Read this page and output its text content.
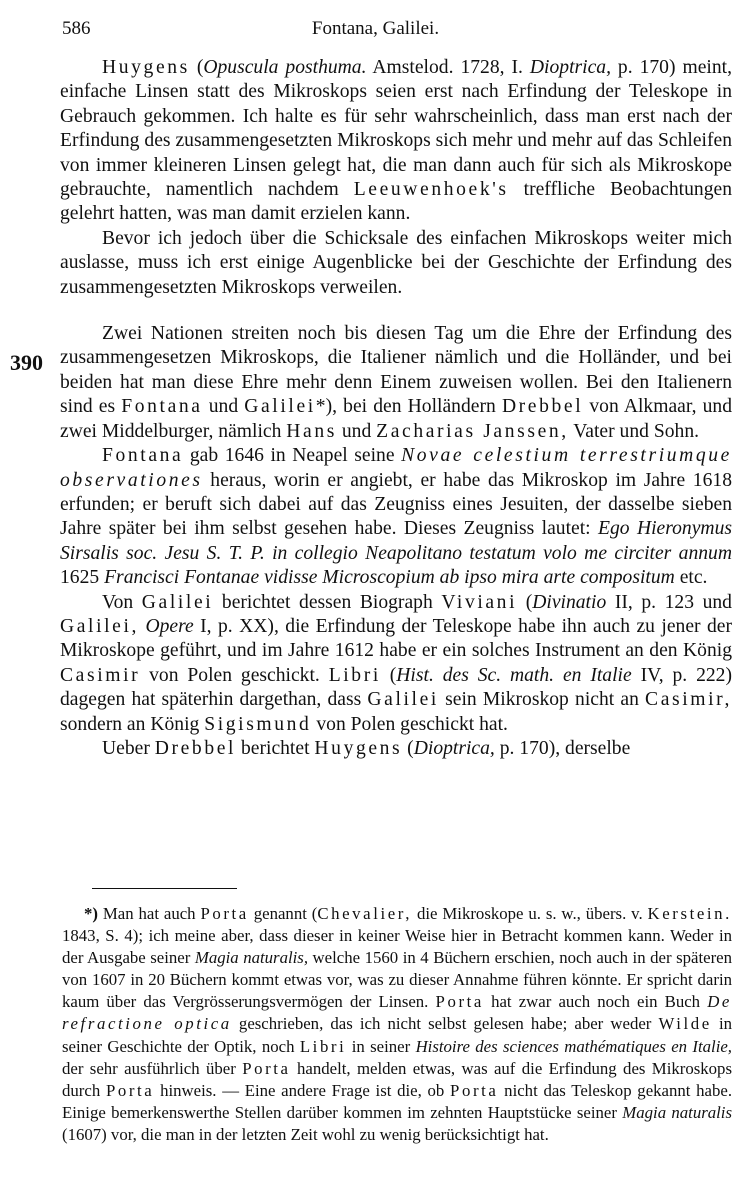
586	Fontana, Galilei.
390

Huygens (Opuscula posthuma. Amstelod. 1728, I. Dioptrica, p. 170) meint, einfache Linsen statt des Mikroskops seien erst nach Erfindung der Teleskope in Gebrauch gekommen. Ich halte es für sehr wahrscheinlich, dass man erst nach der Erfindung des zusammengesetzten Mikroskops sich mehr und mehr auf das Schleifen von immer kleineren Linsen gelegt hat, die man dann auch für sich als Mikroskope gebrauchte, namentlich nachdem Leeuwenhoek's treffliche Beobachtungen gelehrt hatten, was man damit erzielen kann.

Bevor ich jedoch über die Schicksale des einfachen Mikroskops weiter mich auslasse, muss ich erst einige Augenblicke bei der Geschichte der Erfindung des zusammengesetzten Mikroskops verweilen.

Zwei Nationen streiten noch bis diesen Tag um die Ehre der Erfindung des zusammengesetzen Mikroskops, die Italiener nämlich und die Holländer, und bei beiden hat man diese Ehre mehr denn Einem zuweisen wollen. Bei den Italienern sind es Fontana und Galilei*), bei den Holländern Drebbel von Alkmaar, und zwei Middelburger, nämlich Hans und Zacharias Janssen, Vater und Sohn.

Fontana gab 1646 in Neapel seine Novae celestium terrestriumque observationes heraus, worin er angiebt, er habe das Mikroskop im Jahre 1618 erfunden; er beruft sich dabei auf das Zeugniss eines Jesuiten, der dasselbe sieben Jahre später bei ihm selbst gesehen habe. Dieses Zeugniss lautet: Ego Hieronymus Sirsalis soc. Jesu S. T. P. in collegio Neapolitano testatum volo me circiter annum 1625 Francisci Fontanae vidisse Microscopium ab ipso mira arte compositum etc.

Von Galilei berichtet dessen Biograph Viviani (Divinatio II, p. 123 und Galilei, Opere I, p. XX), die Erfindung der Teleskope habe ihn auch zu jener der Mikroskope geführt, und im Jahre 1612 habe er ein solches Instrument an den König Casimir von Polen geschickt. Libri (Hist. des Sc. math. en Italie IV, p. 222) dagegen hat späterhin dargethan, dass Galilei sein Mikroskop nicht an Casimir, sondern an König Sigismund von Polen geschickt hat.

Ueber Drebbel berichtet Huygens (Dioptrica, p. 170), derselbe

*) Man hat auch Porta genannt (Chevalier, die Mikroskope u. s. w., übers. v. Kerstein. 1843, S. 4); ich meine aber, dass dieser in keiner Weise hier in Betracht kommen kann. Weder in der Ausgabe seiner Magia naturalis, welche 1560 in 4 Büchern erschien, noch auch in der späteren von 1607 in 20 Büchern kommt etwas vor, was zu dieser Annahme führen könnte. Er spricht darin kaum über das Vergrösserungsvermögen der Linsen. Porta hat zwar auch noch ein Buch De refractione optica geschrieben, das ich nicht selbst gelesen habe; aber weder Wilde in seiner Geschichte der Optik, noch Libri in seiner Histoire des sciences mathématiques en Italie, der sehr ausführlich über Porta handelt, melden etwas, was auf die Erfindung des Mikroskops durch Porta hinweis. — Eine andere Frage ist die, ob Porta nicht das Teleskop gekannt habe. Einige bemerkenswerthe Stellen darüber kommen im zehnten Hauptstücke seiner Magia naturalis (1607) vor, die man in der letzten Zeit wohl zu wenig berücksichtigt hat.
